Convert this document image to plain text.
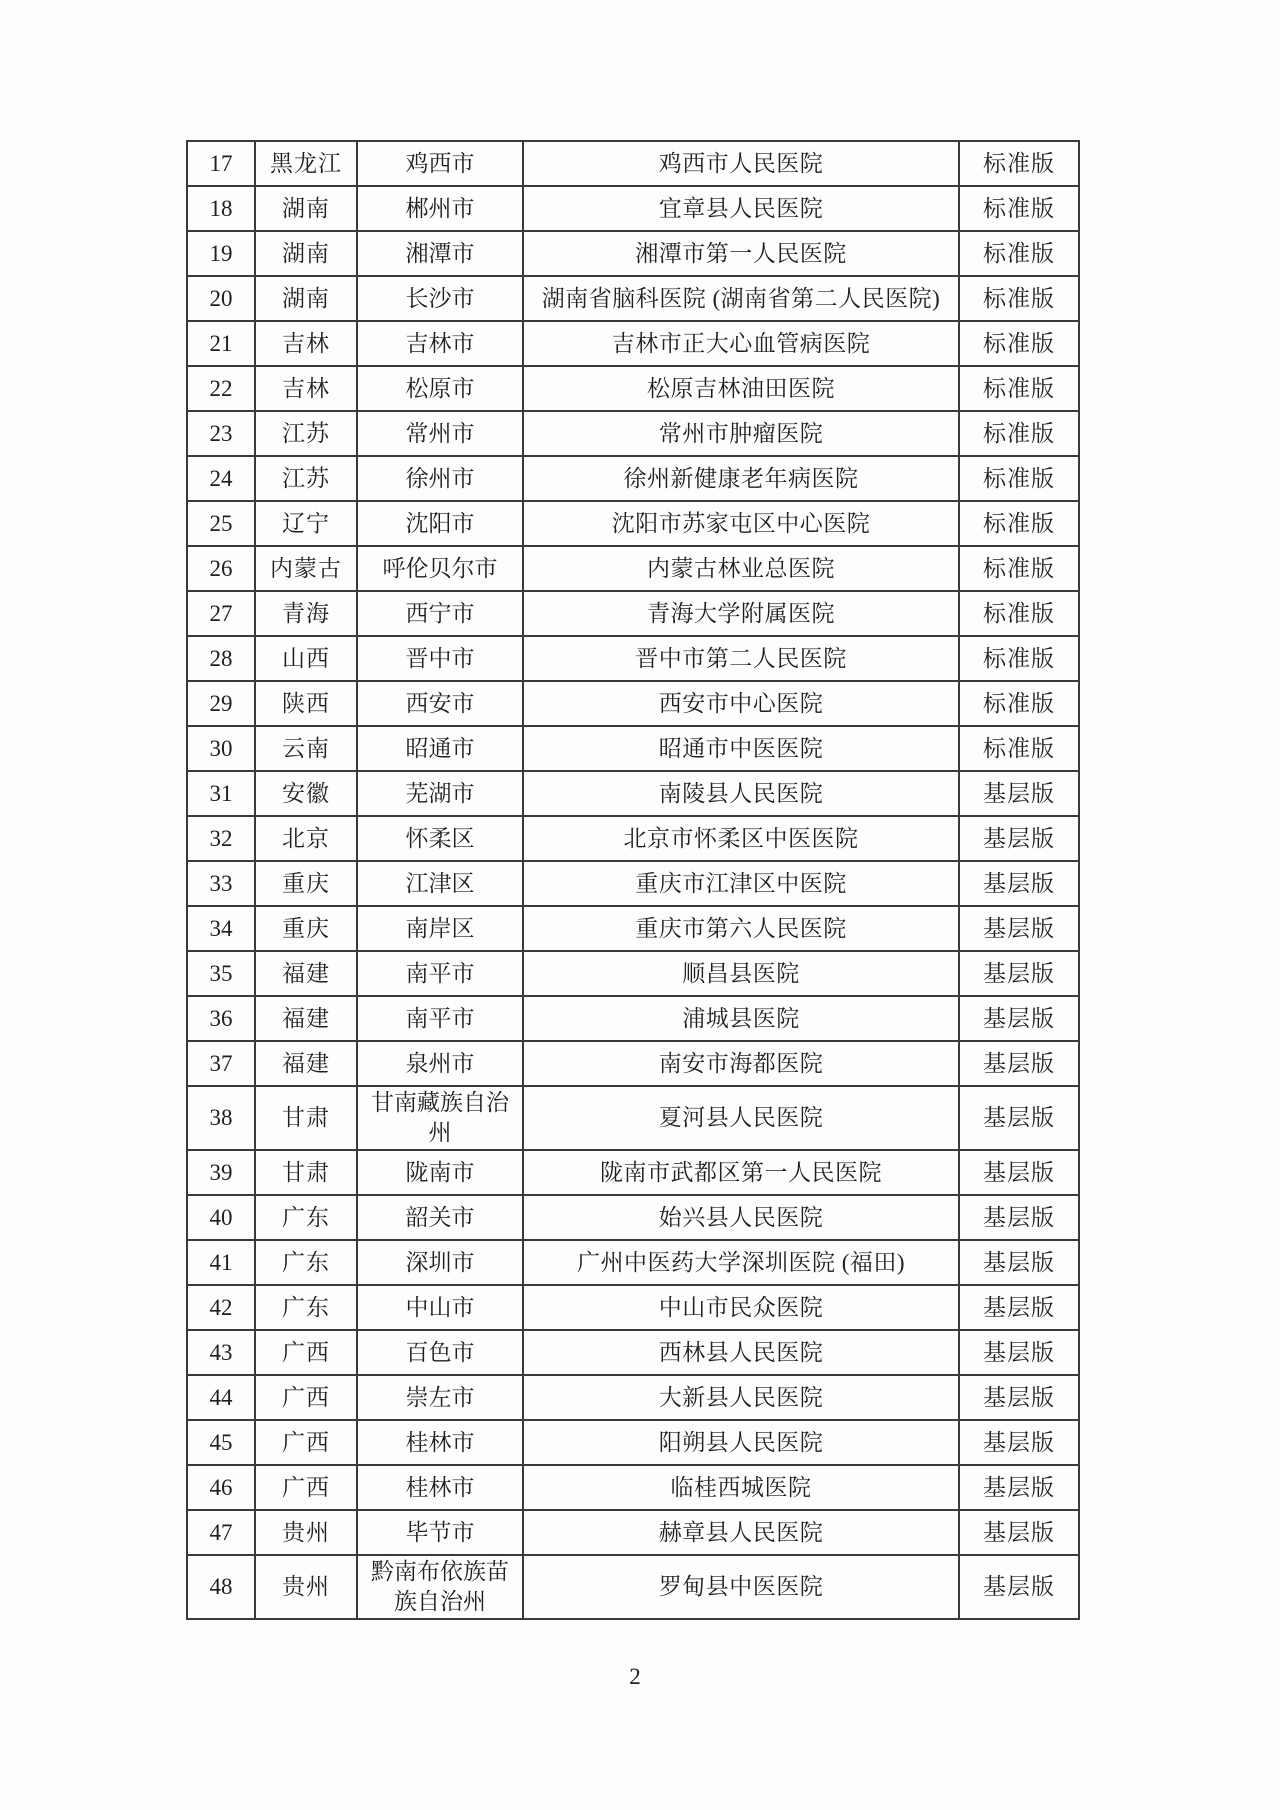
17	黑龙江	鸡西市	鸡西市人民医院	标准版
18	湖南	郴州市	宜章县人民医院	标准版
19	湖南	湘潭市	湘潭市第一人民医院	标准版
20	湖南	长沙市	湖南省脑科医院 (湖南省第二人民医院)	标准版
21	吉林	吉林市	吉林市正大心血管病医院	标准版
22	吉林	松原市	松原吉林油田医院	标准版
23	江苏	常州市	常州市肿瘤医院	标准版
24	江苏	徐州市	徐州新健康老年病医院	标准版
25	辽宁	沈阳市	沈阳市苏家屯区中心医院	标准版
26	内蒙古	呼伦贝尔市	内蒙古林业总医院	标准版
27	青海	西宁市	青海大学附属医院	标准版
28	山西	晋中市	晋中市第二人民医院	标准版
29	陕西	西安市	西安市中心医院	标准版
30	云南	昭通市	昭通市中医医院	标准版
31	安徽	芜湖市	南陵县人民医院	基层版
32	北京	怀柔区	北京市怀柔区中医医院	基层版
33	重庆	江津区	重庆市江津区中医院	基层版
34	重庆	南岸区	重庆市第六人民医院	基层版
35	福建	南平市	顺昌县医院	基层版
36	福建	南平市	浦城县医院	基层版
37	福建	泉州市	南安市海都医院	基层版
38	甘肃	甘南藏族自治州	夏河县人民医院	基层版
39	甘肃	陇南市	陇南市武都区第一人民医院	基层版
40	广东	韶关市	始兴县人民医院	基层版
41	广东	深圳市	广州中医药大学深圳医院 (福田)	基层版
42	广东	中山市	中山市民众医院	基层版
43	广西	百色市	西林县人民医院	基层版
44	广西	崇左市	大新县人民医院	基层版
45	广西	桂林市	阳朔县人民医院	基层版
46	广西	桂林市	临桂西城医院	基层版
47	贵州	毕节市	赫章县人民医院	基层版
48	贵州	黔南布依族苗族自治州	罗甸县中医医院	基层版
2
